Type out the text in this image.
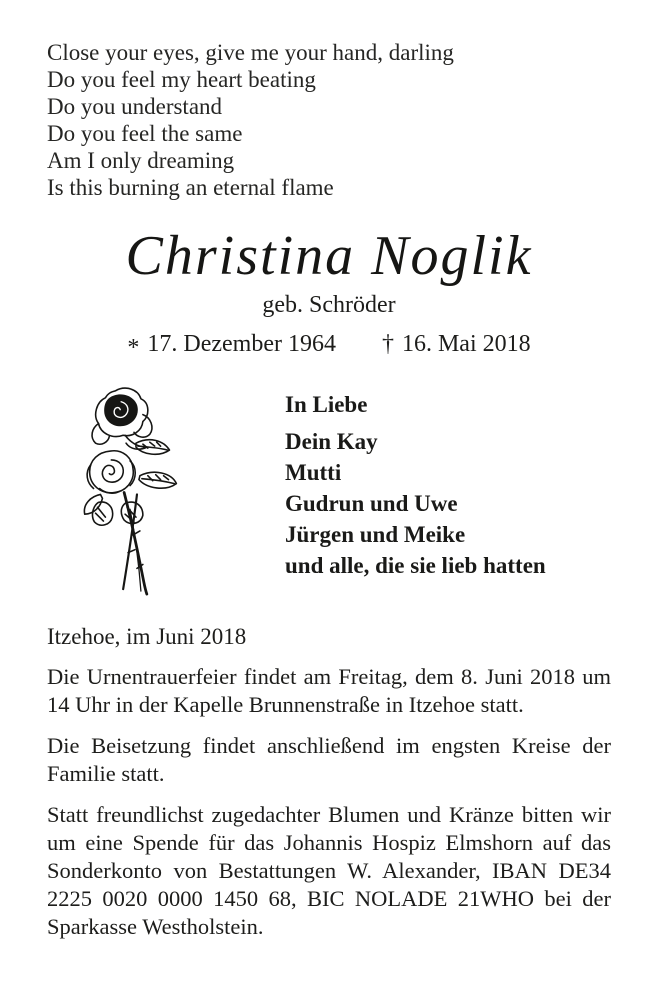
Close your eyes, give me your hand, darling
Do you feel my heart beating
Do you understand
Do you feel the same
Am I only dreaming
Is this burning an eternal flame
Christina Noglik
geb. Schröder
* 17. Dezember 1964 † 16. Mai 2018
In Liebe
Dein Kay
Mutti
Gudrun und Uwe
Jürgen und Meike
und alle, die sie lieb hatten
Itzehoe, im Juni 2018
Die Urnentrauerfeier findet am Freitag, dem 8. Juni 2018 um 14 Uhr in der Kapelle Brunnenstraße in Itzehoe statt.
Die Beisetzung findet anschließend im engsten Kreise der Familie statt.
Statt freundlichst zugedachter Blumen und Kränze bitten wir um eine Spende für das Johannis Hospiz Elmshorn auf das Sonderkonto von Bestattungen W. Alexander, IBAN DE34 2225 0020 0000 1450 68, BIC NOLADE 21WHO bei der Sparkasse Westholstein.
